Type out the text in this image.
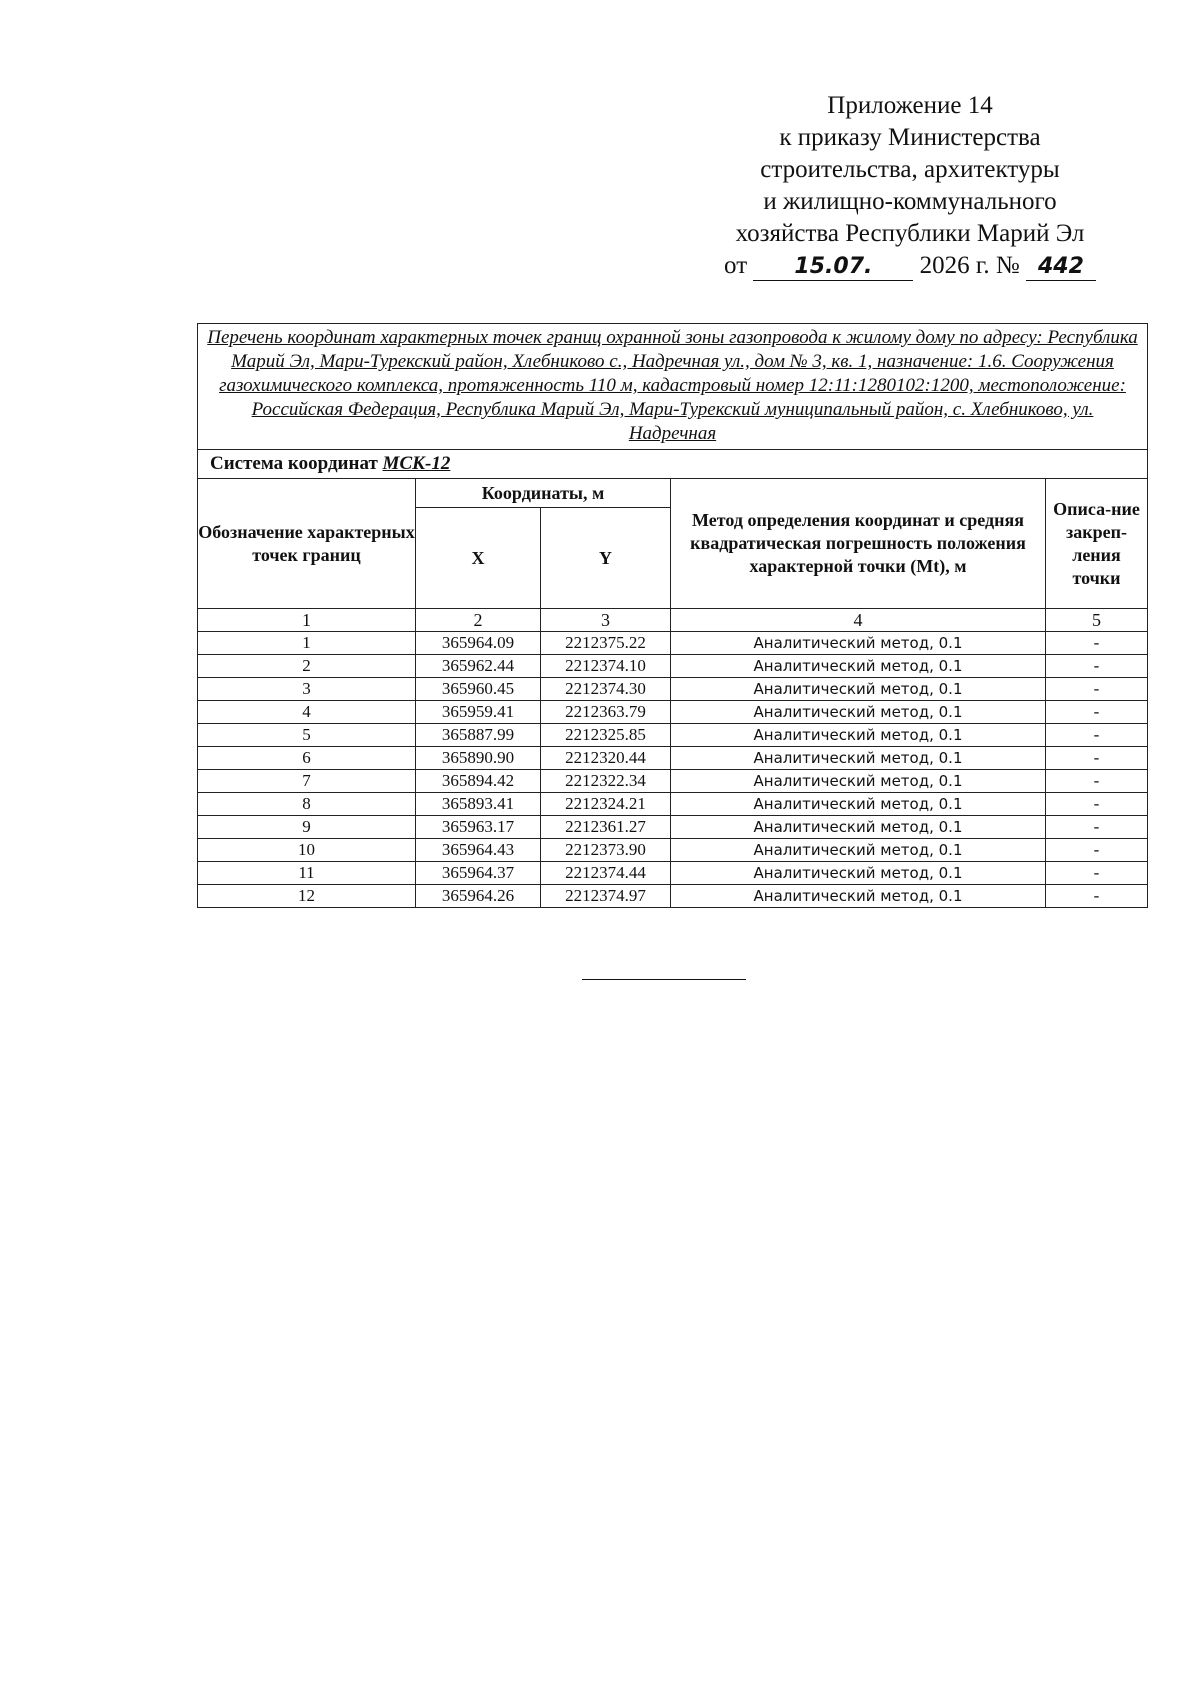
Приложение 14
к приказу Министерства
строительства, архитектуры
и жилищно-коммунального
хозяйства Республики Марий Эл
от 15.07. 2026 г. № 442
Перечень координат характерных точек границ охранной зоны газопровода к жилому дому по адресу: Республика Марий Эл, Мари-Турекский район, Хлебниково с., Надречная ул., дом № 3, кв. 1, назначение: 1.6. Сооружения газохимического комплекса, протяженность 110 м, кадастровый номер 12:11:1280102:1200, местоположение: Российская Федерация, Республика Марий Эл, Мари-Турекский муниципальный район, с. Хлебниково, ул. Надречная				
Система координат МСК-12				
Обозначение характерных точек границ	Координаты, м		Метод определения координат и средняя квадратическая погрешность положения характерной точки (Mt), м	Описа-ние закреп-ления точки
	X	Y		
1	2	3	4	5
1	365964.09	2212375.22	Аналитический метод, 0.1	-
2	365962.44	2212374.10	Аналитический метод, 0.1	-
3	365960.45	2212374.30	Аналитический метод, 0.1	-
4	365959.41	2212363.79	Аналитический метод, 0.1	-
5	365887.99	2212325.85	Аналитический метод, 0.1	-
6	365890.90	2212320.44	Аналитический метод, 0.1	-
7	365894.42	2212322.34	Аналитический метод, 0.1	-
8	365893.41	2212324.21	Аналитический метод, 0.1	-
9	365963.17	2212361.27	Аналитический метод, 0.1	-
10	365964.43	2212373.90	Аналитический метод, 0.1	-
11	365964.37	2212374.44	Аналитический метод, 0.1	-
12	365964.26	2212374.97	Аналитический метод, 0.1	-
